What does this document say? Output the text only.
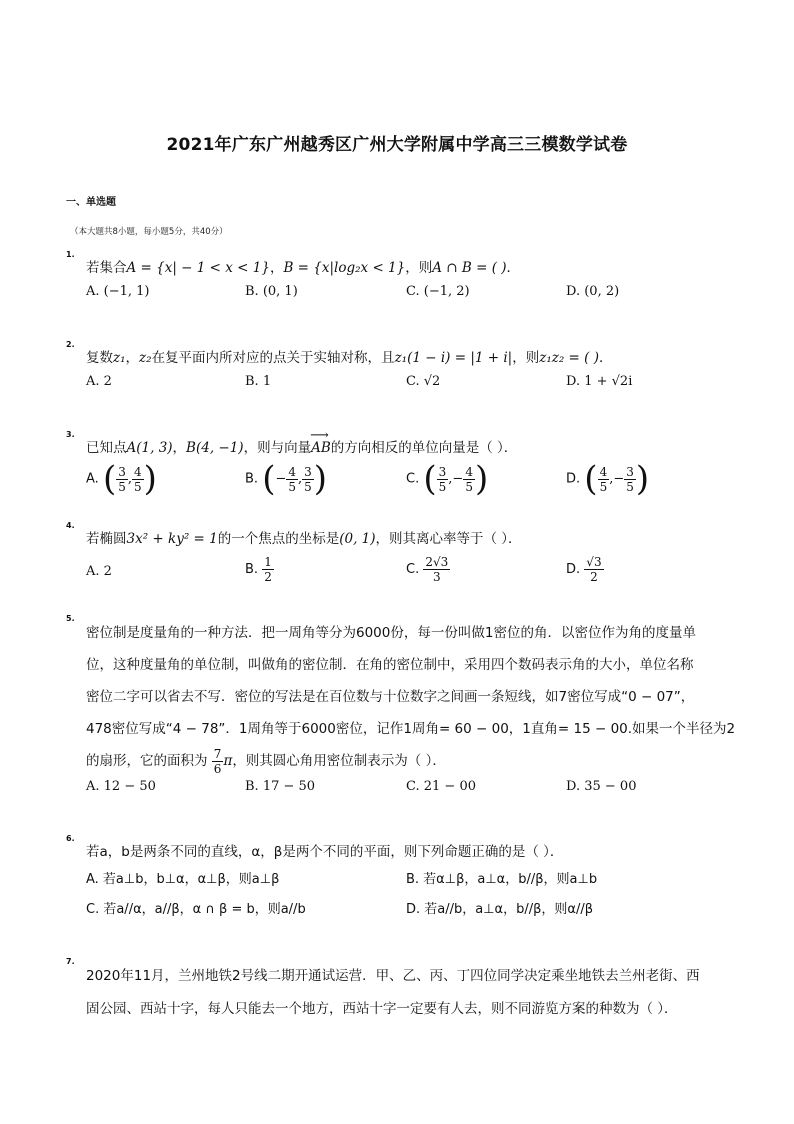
2021年广东广州越秀区广州大学附属中学高三三模数学试卷
一、单选题
（本大题共8小题，每小题5分，共40分）
1.
若集合A = {x| − 1 < x < 1}，B = {x|log₂x < 1}，则A ∩ B = ( )．
A. (−1, 1)	B. (0, 1)	C. (−1, 2)	D. (0, 2)
2.
复数z₁，z₂在复平面内所对应的点关于实轴对称，且z₁(1 − i) = |1 + i|，则z₁z₂ = ( )．
A. 2	B. 1	C. √2	D. 1 + √2i
3.
已知点A(1, 3)，B(4, −1)，则与向量⟶ AB的方向相反的单位向量是（ ）．
A. ( $\frac{3}{5}$ , $\frac{4}{5}$ )	B. (− $\frac{4}{5}$ , $\frac{3}{5}$ )	C. ( $\frac{3}{5}$ ,− $\frac{4}{5}$ )	D. ( $\frac{4}{5}$ ,− $\frac{3}{5}$ )
4.
若椭圆3x² + ky² = 1的一个焦点的坐标是(0, 1)，则其离心率等于（ ）．
A. 2	B. $\frac{1}{2}$	C. $\frac{2√3}{3}$	D. $\frac{√3}{2}$
5.
密位制是度量角的一种方法．把一周角等分为6000份，每一份叫做1密位的角．以密位作为角的度量单
位，这种度量角的单位制，叫做角的密位制．在角的密位制中，采用四个数码表示角的大小，单位名称
密位二字可以省去不写．密位的写法是在百位数与十位数字之间画一条短线，如7密位写成“0 − 07”，
478密位写成“4 − 78”．1周角等于6000密位，记作1周角= 60 − 00，1直角= 15 − 00.如果一个半径为2
的扇形，它的面积为 $\frac{7}{6}$ π，则其圆心角用密位制表示为（ ）．
A. 12 − 50	B. 17 − 50	C. 21 − 00	D. 35 − 00
6.
若a，b是两条不同的直线，α，β是两个不同的平面，则下列命题正确的是（ ）．
A. 若a⊥b，b⊥α，α⊥β，则a⊥β	B. 若α⊥β，a⊥α，b//β，则a⊥b
C. 若a//α，a//β，α ∩ β = b，则a//b	D. 若a//b，a⊥α，b//β，则α//β
7.
2020年11月，兰州地铁2号线二期开通试运营．甲、乙、丙、丁四位同学决定乘坐地铁去兰州老街、西
固公园、西站十字，每人只能去一个地方，西站十字一定要有人去，则不同游览方案的种数为（ ）．
